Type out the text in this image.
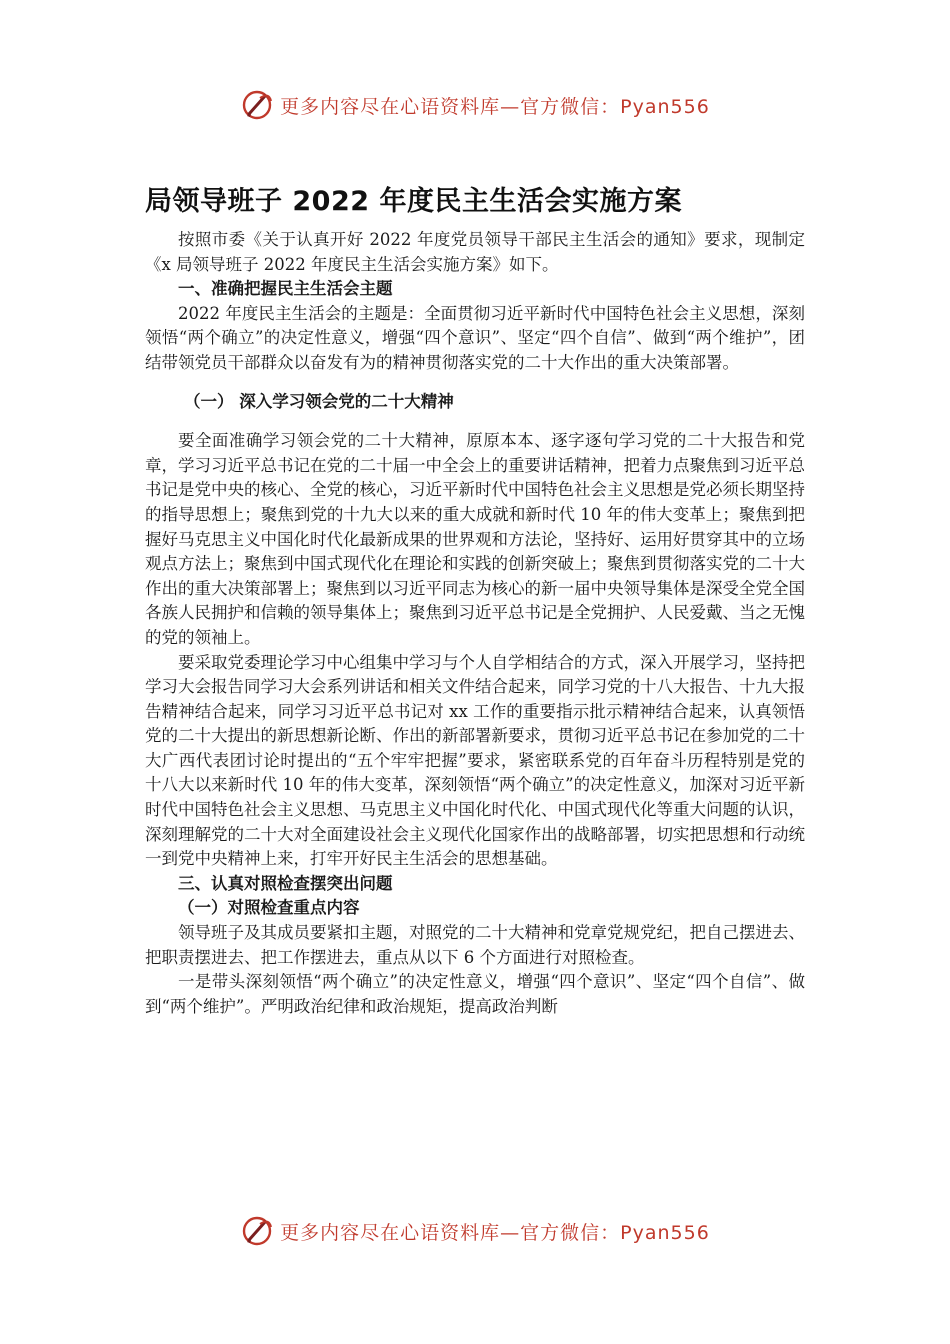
更多内容尽在心语资料库—官方微信：Pyan556
局领导班子 2022 年度民主生活会实施方案

按照市委《关于认真开好 2022 年度党员领导干部民主生活会的通知》要求，现制定《x 局领导班子 2022 年度民主生活会实施方案》如下。

一、准确把握民主生活会主题

2022 年度民主生活会的主题是：全面贯彻习近平新时代中国特色社会主义思想，深刻领悟“两个确立”的决定性意义，增强“四个意识”、坚定“四个自信”、做到“两个维护”，团结带领党员干部群众以奋发有为的精神贯彻落实党的二十大作出的重大决策部署。

（一） 深入学习领会党的二十大精神

要全面准确学习领会党的二十大精神，原原本本、逐字逐句学习党的二十大报告和党章，学习习近平总书记在党的二十届一中全会上的重要讲话精神，把着力点聚焦到习近平总书记是党中央的核心、全党的核心，习近平新时代中国特色社会主义思想是党必须长期坚持的指导思想上；聚焦到党的十九大以来的重大成就和新时代 10 年的伟大变革上；聚焦到把握好马克思主义中国化时代化最新成果的世界观和方法论，坚持好、运用好贯穿其中的立场观点方法上；聚焦到中国式现代化在理论和实践的创新突破上；聚焦到贯彻落实党的二十大作出的重大决策部署上；聚焦到以习近平同志为核心的新一届中央领导集体是深受全党全国各族人民拥护和信赖的领导集体上；聚焦到习近平总书记是全党拥护、人民爱戴、当之无愧的党的领袖上。

要采取党委理论学习中心组集中学习与个人自学相结合的方式，深入开展学习，坚持把学习大会报告同学习大会系列讲话和相关文件结合起来，同学习党的十八大报告、十九大报告精神结合起来，同学习习近平总书记对 xx 工作的重要指示批示精神结合起来，认真领悟党的二十大提出的新思想新论断、作出的新部署新要求，贯彻习近平总书记在参加党的二十大广西代表团讨论时提出的“五个牢牢把握”要求，紧密联系党的百年奋斗历程特别是党的十八大以来新时代 10 年的伟大变革，深刻领悟“两个确立”的决定性意义，加深对习近平新时代中国特色社会主义思想、马克思主义中国化时代化、中国式现代化等重大问题的认识，深刻理解党的二十大对全面建设社会主义现代化国家作出的战略部署，切实把思想和行动统一到党中央精神上来，打牢开好民主生活会的思想基础。

三、认真对照检查摆突出问题

（一）对照检查重点内容

领导班子及其成员要紧扣主题，对照党的二十大精神和党章党规党纪，把自己摆进去、把职责摆进去、把工作摆进去，重点从以下 6 个方面进行对照检查。

一是带头深刻领悟“两个确立”的决定性意义，增强“四个意识”、坚定“四个自信”、做到“两个维护”。严明政治纪律和政治规矩，提高政治判断

更多内容尽在心语资料库—官方微信：Pyan556
